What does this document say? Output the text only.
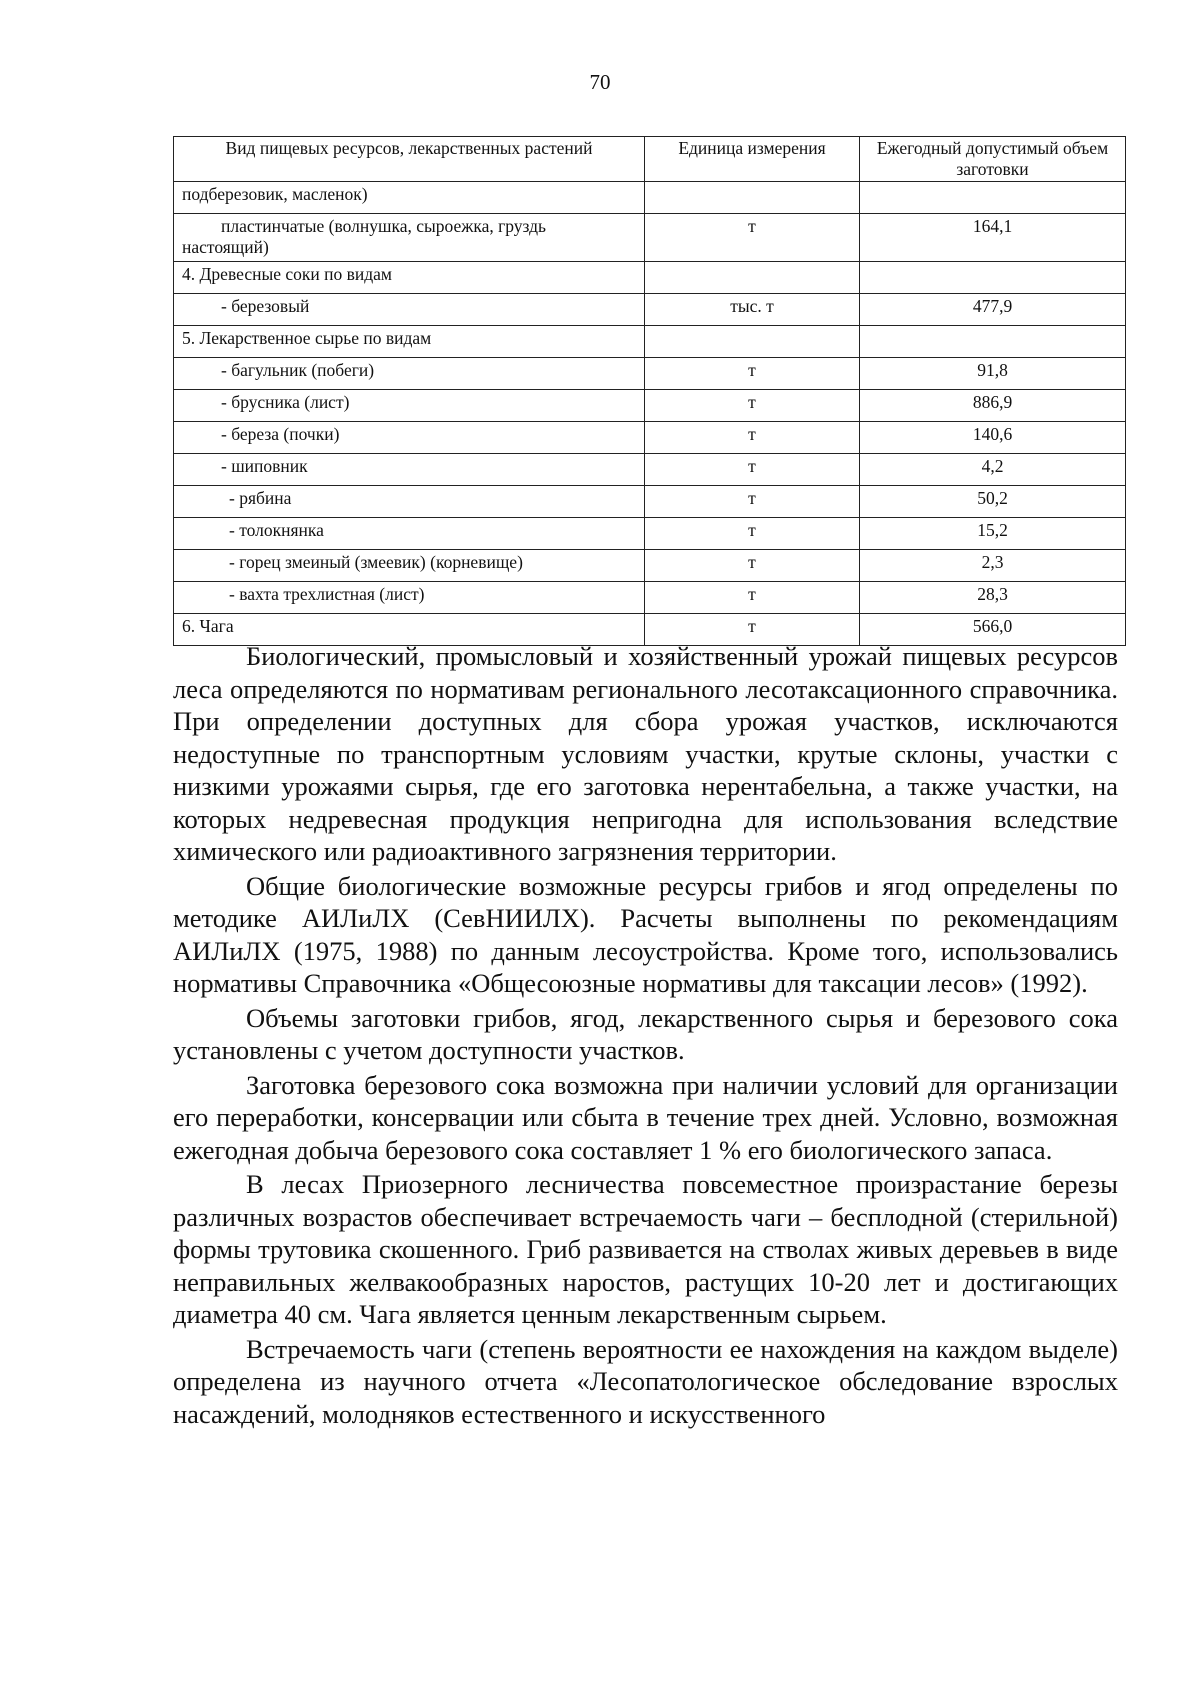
70
Вид пищевых ресурсов, лекарственных растений	Единица измерения	Ежегодный допустимый объем заготовки
подберезовик, масленок)		
пластинчатые (волнушка, сыроежка, груздь настоящий)	т	164,1
4. Древесные соки по видам		
- березовый	тыс. т	477,9
5. Лекарственное сырье по видам		
- багульник (побеги)	т	91,8
- брусника (лист)	т	886,9
- береза (почки)	т	140,6
- шиповник	т	4,2
- рябина	т	50,2
- толокнянка	т	15,2
- горец змеиный (змеевик) (корневище)	т	2,3
- вахта трехлистная (лист)	т	28,3
6. Чага	т	566,0

Биологический, промысловый и хозяйственный урожай пищевых ресурсов леса определяются по нормативам регионального лесотаксационного справочника. При определении доступных для сбора урожая участков, исключаются недоступные по транспортным условиям участки, крутые склоны, участки с низкими урожаями сырья, где его заготовка нерентабельна, а также участки, на которых недревесная продукция непригодна для использования вследствие химического или радиоактивного загрязнения территории.

Общие биологические возможные ресурсы грибов и ягод определены по методике АИЛиЛХ (СевНИИЛХ). Расчеты выполнены по рекомендациям АИЛиЛХ (1975, 1988) по данным лесоустройства. Кроме того, использовались нормативы Справочника «Общесоюзные нормативы для таксации лесов» (1992).

Объемы заготовки грибов, ягод, лекарственного сырья и березового сока установлены с учетом доступности участков.

Заготовка березового сока возможна при наличии условий для организации его переработки, консервации или сбыта в течение трех дней. Условно, возможная ежегодная добыча березового сока составляет 1 % его биологического запаса.

В лесах Приозерного лесничества повсеместное произрастание березы различных возрастов обеспечивает встречаемость чаги – бесплодной (стерильной) формы трутовика скошенного. Гриб развивается на стволах живых деревьев в виде неправильных желвакообразных наростов, растущих 10-20 лет и достигающих диаметра 40 см. Чага является ценным лекарственным сырьем.

Встречаемость чаги (степень вероятности ее нахождения на каждом выделе) определена из научного отчета «Лесопатологическое обследование взрослых насаждений, молодняков естественного и искусственного
